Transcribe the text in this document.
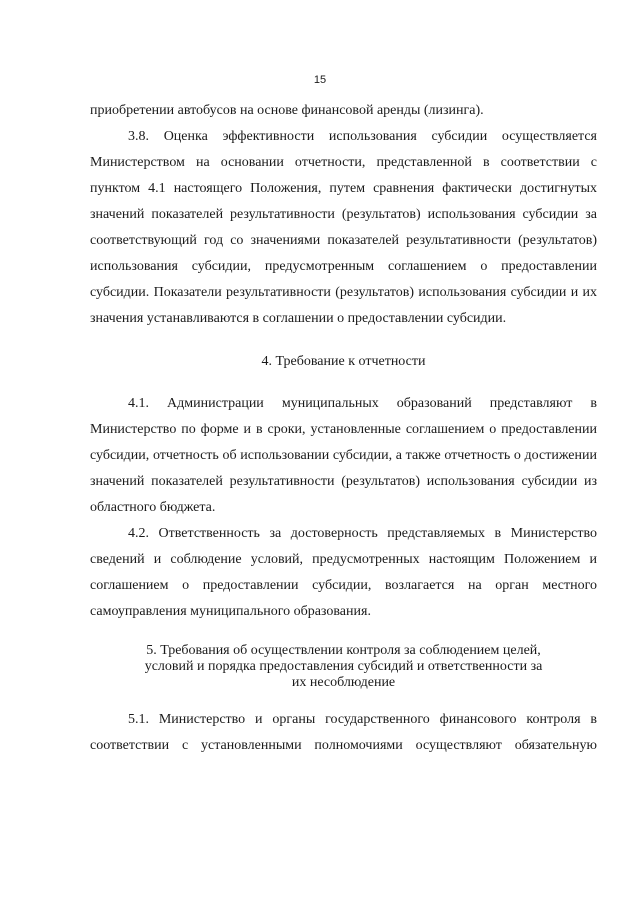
15

приобретении автобусов на основе финансовой аренды (лизинга).

3.8. Оценка эффективности использования субсидии осуществляется Министерством на основании отчетности, представленной в соответствии с пунктом 4.1 настоящего Положения, путем сравнения фактически достигнутых значений показателей результативности (результатов) использования субсидии за соответствующий год со значениями показателей результативности (результатов) использования субсидии, предусмотренным соглашением о предоставлении субсидии. Показатели результативности (результатов) использования субсидии и их значения устанавливаются в соглашении о предоставлении субсидии.

4. Требование к отчетности

4.1. Администрации муниципальных образований представляют в Министерство по форме и в сроки, установленные соглашением о предоставлении субсидии, отчетность об использовании субсидии, а также отчетность о достижении значений показателей результативности (результатов) использования субсидии из областного бюджета.

4.2. Ответственность за достоверность представляемых в Министерство сведений и соблюдение условий, предусмотренных настоящим Положением и соглашением о предоставлении субсидии, возлагается на орган местного самоуправления муниципального образования.

5. Требования об осуществлении контроля за соблюдением целей, условий и порядка предоставления субсидий и ответственности за их несоблюдение

5.1. Министерство и органы государственного финансового контроля в соответствии с установленными полномочиями осуществляют обязательную
